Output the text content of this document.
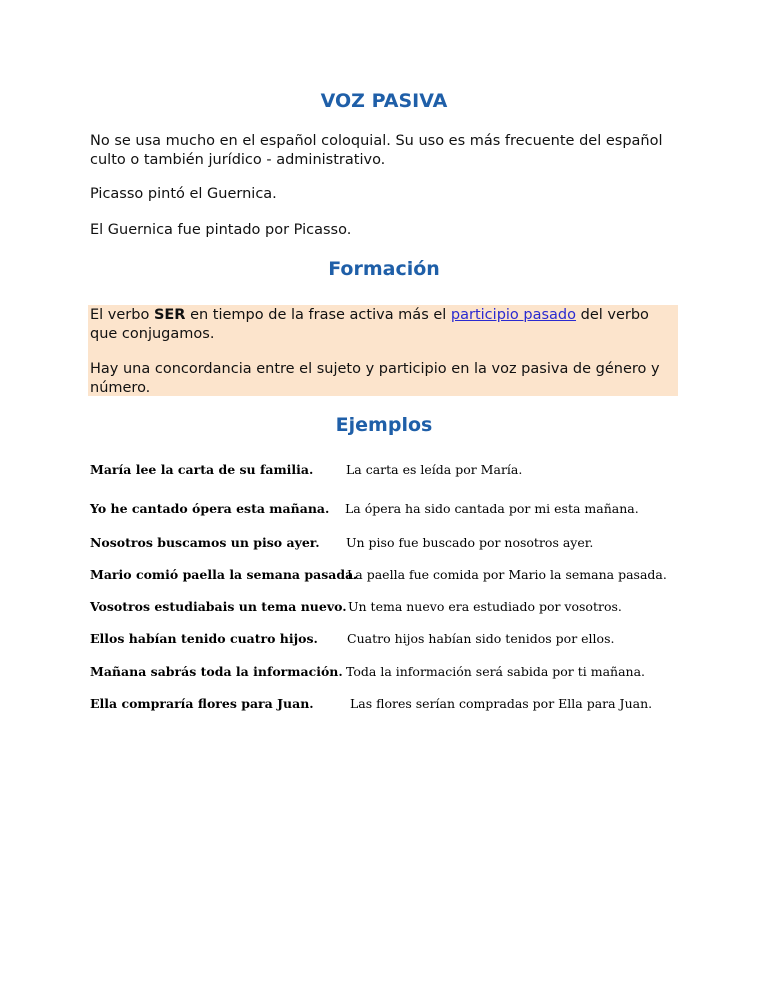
VOZ PASIVA

No se usa mucho en el español coloquial. Su uso es más frecuente del español culto o también jurídico - administrativo.

Picasso pintó el Guernica.

El Guernica fue pintado por Picasso.

Formación

El verbo SER en tiempo de la frase activa más el participio pasado del verbo que conjugamos.

Hay una concordancia entre el sujeto y participio en la voz pasiva de género y número.

Ejemplos
María lee la carta de su familia.	La carta es leída por María.
Yo he cantado ópera esta mañana. La ópera ha sido cantada por mi esta mañana.
Nosotros buscamos un piso ayer. Un piso fue buscado por nosotros ayer.
Mario comió paella la semana pasada.
La paella fue comida por Mario la semana pasada.
Vosotros estudiabais un tema nuevo. Un tema nuevo era estudiado por vosotros.
Ellos habían tenido cuatro hijos. Cuatro hijos habían sido tenidos por ellos.
Mañana sabrás toda la información. Toda la información será sabida por ti mañana.
Ella compraría flores para Juan.	Las flores serían compradas por Ella para Juan.
